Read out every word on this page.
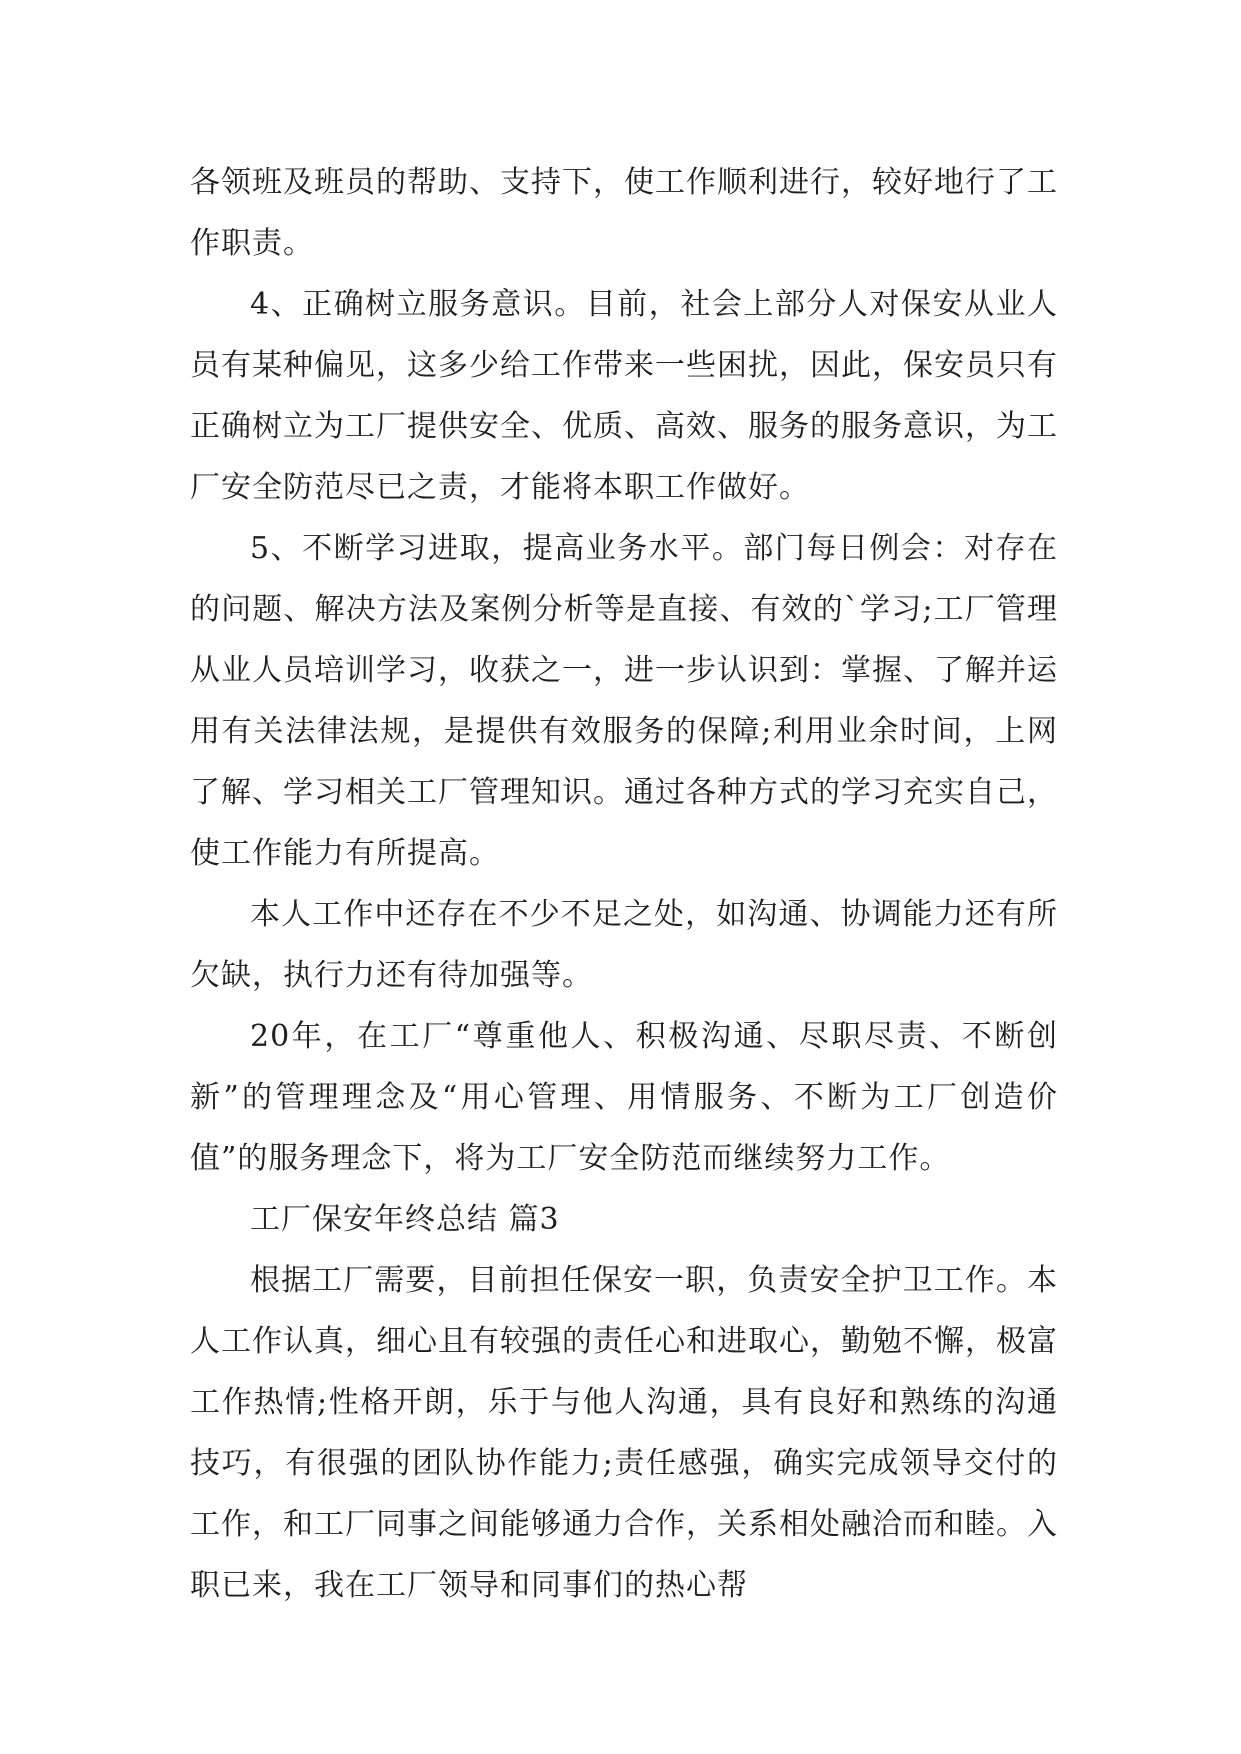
各领班及班员的帮助、支持下，使工作顺利进行，较好地行了工作职责。

4、正确树立服务意识。目前，社会上部分人对保安从业人员有某种偏见，这多少给工作带来一些困扰，因此，保安员只有正确树立为工厂提供安全、优质、高效、服务的服务意识，为工厂安全防范尽已之责，才能将本职工作做好。

5、不断学习进取，提高业务水平。部门每日例会：对存在的问题、解决方法及案例分析等是直接、有效的`学习;工厂管理从业人员培训学习，收获之一，进一步认识到：掌握、了解并运用有关法律法规，是提供有效服务的保障;利用业余时间，上网了解、学习相关工厂管理知识。通过各种方式的学习充实自己，使工作能力有所提高。

本人工作中还存在不少不足之处，如沟通、协调能力还有所欠缺，执行力还有待加强等。

20年，在工厂“尊重他人、积极沟通、尽职尽责、不断创新”的管理理念及“用心管理、用情服务、不断为工厂创造价值”的服务理念下，将为工厂安全防范而继续努力工作。

工厂保安年终总结 篇3

根据工厂需要，目前担任保安一职，负责安全护卫工作。本人工作认真，细心且有较强的责任心和进取心，勤勉不懈，极富工作热情;性格开朗，乐于与他人沟通，具有良好和熟练的沟通技巧，有很强的团队协作能力;责任感强，确实完成领导交付的工作，和工厂同事之间能够通力合作，关系相处融洽而和睦。入职已来，我在工厂领导和同事们的热心帮
